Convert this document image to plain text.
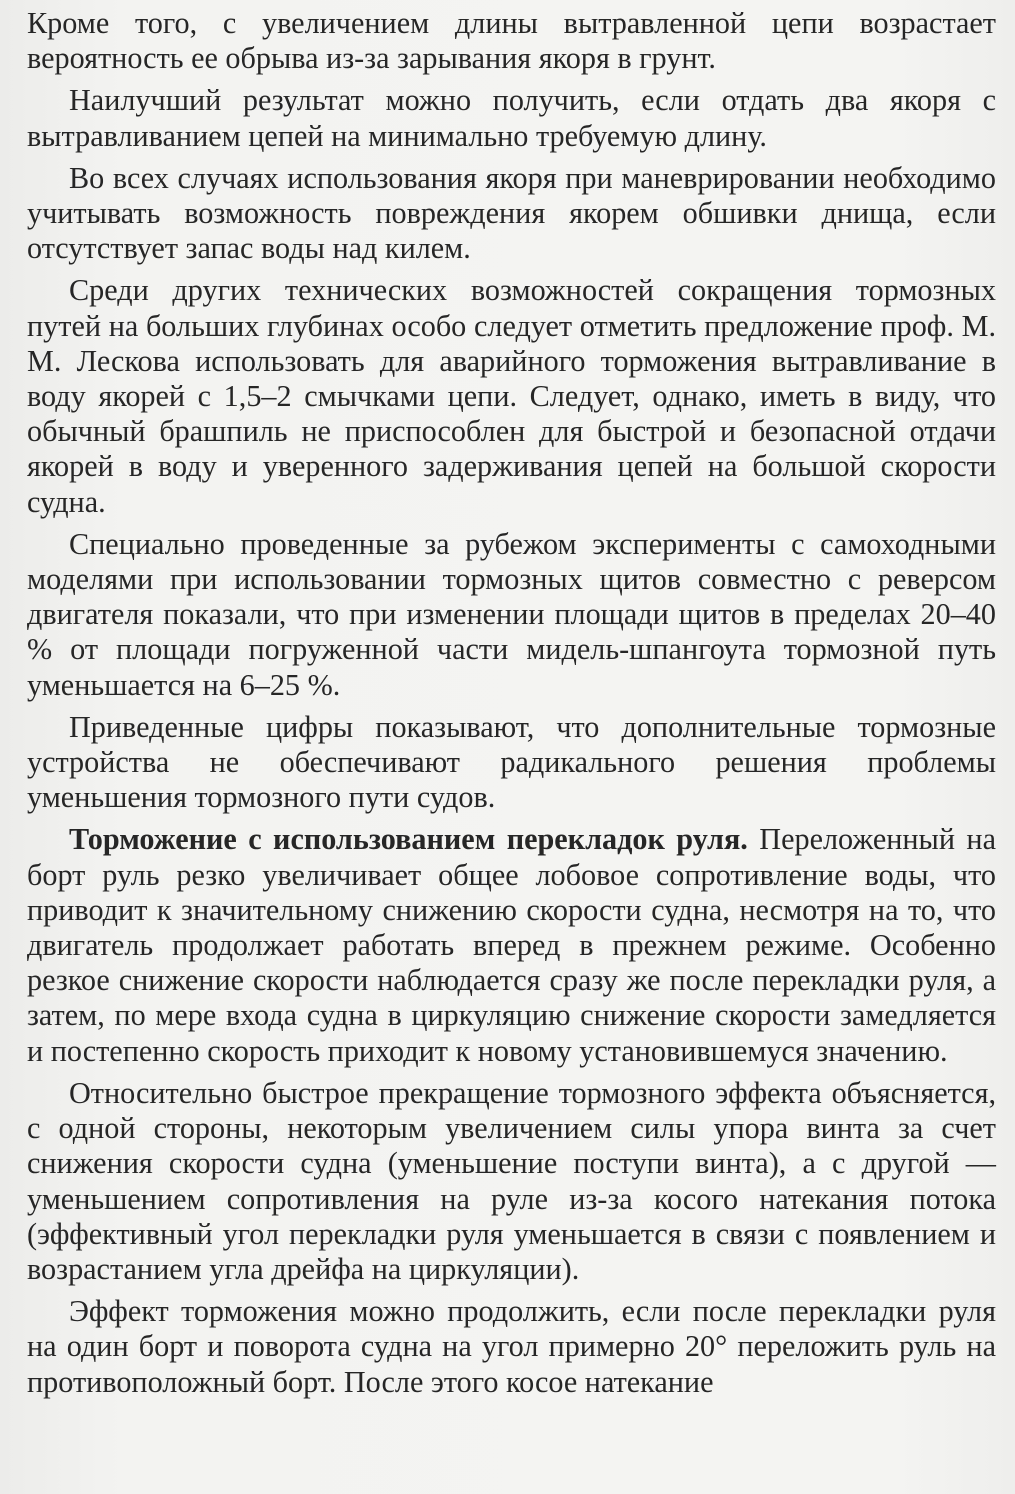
Кроме того, с увеличением длины вытравленной цепи возрастает вероятность ее обрыва из-за зарывания якоря в грунт.

Наилучший результат можно получить, если отдать два якоря с вытравливанием цепей на минимально требуемую длину.

Во всех случаях использования якоря при маневрировании необходимо учитывать возможность повреждения якорем обшивки днища, если отсутствует запас воды над килем.

Среди других технических возможностей сокращения тормозных путей на больших глубинах особо следует отметить предложение проф. М. М. Лескова использовать для аварийного торможения вытравливание в воду якорей с 1,5–2 смычками цепи. Следует, однако, иметь в виду, что обычный брашпиль не приспособлен для быстрой и безопасной отдачи якорей в воду и уверенного задерживания цепей на большой скорости судна.

Специально проведенные за рубежом эксперименты с самоходными моделями при использовании тормозных щитов совместно с реверсом двигателя показали, что при изменении площади щитов в пределах 20–40 % от площади погруженной части мидель-шпангоута тормозной путь уменьшается на 6–25 %.

Приведенные цифры показывают, что дополнительные тормозные устройства не обеспечивают радикального решения проблемы уменьшения тормозного пути судов.

Торможение с использованием перекладок руля. Переложенный на борт руль резко увеличивает общее лобовое сопротивление воды, что приводит к значительному снижению скорости судна, несмотря на то, что двигатель продолжает работать вперед в прежнем режиме. Особенно резкое снижение скорости наблюдается сразу же после перекладки руля, а затем, по мере входа судна в циркуляцию снижение скорости замедляется и постепенно скорость приходит к новому установившемуся значению.

Относительно быстрое прекращение тормозного эффекта объясняется, с одной стороны, некоторым увеличением силы упора винта за счет снижения скорости судна (уменьшение поступи винта), а с другой — уменьшением сопротивления на руле из-за косого натекания потока (эффективный угол перекладки руля уменьшается в связи с появлением и возрастанием угла дрейфа на циркуляции).

Эффект торможения можно продолжить, если после перекладки руля на один борт и поворота судна на угол примерно 20° переложить руль на противоположный борт. После этого косое натекание
